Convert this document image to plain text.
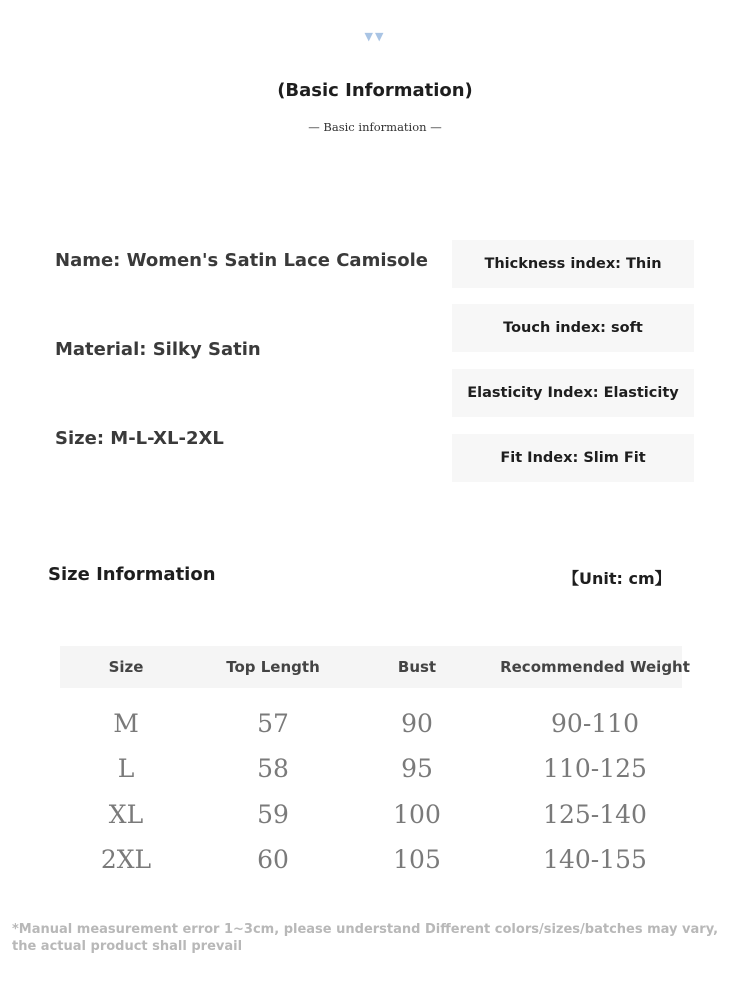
▼▼
(Basic Information)
— Basic information —
Name: Women's Satin Lace Camisole
Material: Silky Satin
Size: M-L-XL-2XL
Thickness index: Thin
Touch index: soft
Elasticity Index: Elasticity
Fit Index: Slim Fit
Size Information	【Unit: cm】
Size	Top Length	Bust	Recommended Weight
M	57	90	90-110
L	58	95	110-125
XL	59	100	125-140
2XL	60	105	140-155
*Manual measurement error 1~3cm, please understand Different colors/sizes/batches may vary, the actual product shall prevail
